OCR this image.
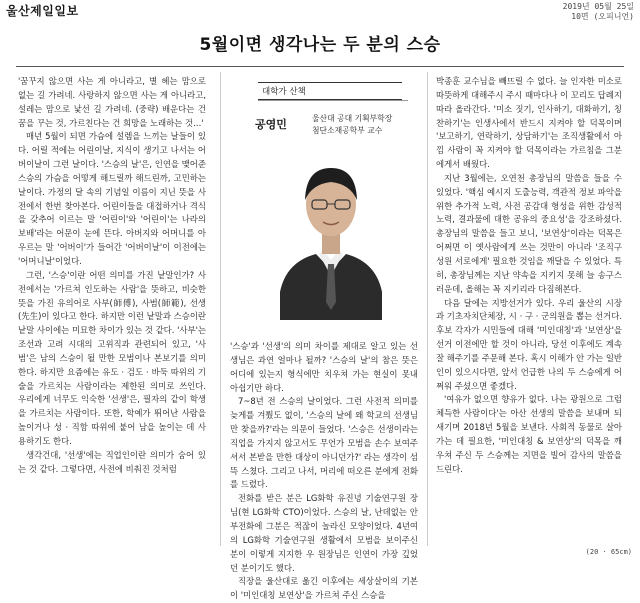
울산제일일보	2019년 05월 25일
10면 (오피니언)
5월이면 생각나는 두 분의 스승

'꿈꾸지 않으면 사는 게 아니라고, 별 헤는 맘으로 없는 길 가려네. 사랑하지 않으면 사는 게 아니라고, 설레는 맘으로 낯선 길 가려네. (중략) 배운다는 건 꿈을 꾸는 것, 가르친다는 건 희망을 노래하는 것…'

매년 5월이 되면 가슴에 설렘을 느끼는 날들이 있다. 어릴 적에는 어린이날, 지식이 생기고 나서는 어버이날이 그런 날이다. '스승의 날'은, 인연을 맺어준 스승의 가슴을 어떻게 해드릴까 해드린까, 고민하는 날이다. 가정의 달 속의 기념일 이름이 지닌 뜻을 사전에서 한번 찾아본다. 어린이들을 대접하거나 격식을 갖추어 이르는 말 '어린이'와 '어린이'는 나라의 보배'라는 어문이 눈에 뜬다. 아버지와 어머니를 아우르는 말 '어버이'가 들어간 '어버이날'이 이전에는 '어머니날'이었다.

그런, '스승'이란 어떤 의미를 가진 낱말인가? 사전에서는 '가르쳐 인도하는 사람'을 뜻하고, 비슷한 뜻을 가진 유의어로 사부(師傅), 사범(師範), 선생(先生)이 있다고 한다. 하지만 이런 낱말과 스승이란 낱말 사이에는 미묘한 차이가 있는 것 같다. '사부'는 조선과 고려 시대의 고위직과 관련되어 있고, '사범'은 남의 스승이 될 만한 모범이나 본보기를 의미한다. 하지만 요즘에는 유도 · 검도 · 바둑 따위의 기술을 가르치는 사람이라는 제한된 의미로 쓰인다. 우리에게 너무도 익숙한 '선생'은, 필자의 같이 학생을 가르치는 사람이다. 또한, 학예가 뛰어난 사람을 높이거나 성 · 직함 따위에 붙어 남을 높이는 데 사용하기도 한다.

생각건대, '선생'에는 직업인이란 의미가 숨어 있는 것 같다. 그렇다면, 사전에 비춰진 것처럼

대학가 산책
공영민	울산대 공대 기획부학장
첨단소재공학부 교수

'스승'과 '선생'의 의미 차이를 제대로 알고 있는 선생님은 과연 얼마나 될까? '스승의 날'의 참은 뜻은 어디에 있는지 형식에만 치우쳐 가는 현실이 못내 아쉽기만 하다.

7~8년 전 스승의 날이었다. 그런 사전적 의미를 늦게를 겨뤘도 없이, '스승의 날에 왜 학교의 선생님만 찾을까?'라는 의문이 들었다. '스승은 선생이라는 직업을 가지지 않고서도 무언가 모범을 손수 보여주셔서 본받을 만한 대상이 아니던가?' 라는 생각이 섬뜩 스쳤다. 그리고 나서, 머리에 떠오른 분에게 전화를 드렸다.

전화를 받은 분은 LG화학 유진녕 기술연구원 장님(현 LG화학 CTO)이었다. 스승의 날, 난데없는 안부전화에 그분은 적잖이 놀라신 모양이었다. 4년여의 LG화학 기술연구원 생활에서 모범을 보이주신 분이 이렇게 지지한 우 원장님은 인연이 가장 깊었던 분이기도 했다.

직장을 울산대로 옮긴 이후에는 세상살이의 기본이 '미인대칭 보연상'을 가르쳐 주신 스승을

박종훈 교수님을 빼뜨릴 수 없다. 늘 인자한 미소로 따뜻하게 대해주시 주시 때마다나 이 꼬리도 답례지 따라 올라간다. '미소 짓기, 인사하기, 대화하기, 칭찬하기'는 인생사에서 반드시 지켜야 할 덕목이며 '보고하기, 연락하기, 상담하기'는 조직생활에서 아낌 사람이 꼭 지켜야 할 덕목이라는 가르침을 그분에게서 배웠다.

지난 3월에는, 오연천 총장님의 말씀을 들을 수 있었다. '핵심 예시지 도출능력, 객관적 정보 파악을 위한 추가적 노력, 사전 공감대 형성을 위한 감성적 노력, 결과물에 대한 공유의 중요성'을 강조하셨다. 총장님의 말씀을 들고 보니, '보연상'이라는 덕목은 어쩌면 이 옛사람에게 쓰는 것만이 아니라 '조직구성원 서로에게' 필요한 것임을 깨달을 수 있었다. 특히, 총장님께는 지난 약속을 지키지 못해 늘 송구스러운데, 올해는 꼭 지키리라 다짐해본다.

다음 달에는 지방선거가 있다. 우리 울산의 시장과 기초자치단체장, 시 · 구 · 군의원을 뽑는 선거다. 후보 각자가 시민들에 대해 '미인대칭'과 '보연상'을 선거 이전에만 할 것이 아니라, 당선 이후에도 계속 잘 해주기를 주문해 본다. 혹시 이해가 안 가는 일반인이 있으시다면, 앞서 언급한 나의 두 스승에게 어쩌워 주셨으면 좋겠다.

'여유가 없으면 향유가 없다. 나는 광원으로 그럼 체득한 사람이다'는 아산 선생의 말씀을 보내며 되새기며 2018년 5월을 보낸다. 사회적 동물로 살아가는 데 필요한, '미인대칭 & 보연상'의 덕목을 깨우쳐 주신 두 스승께는 지면을 빌어 감사의 말씀을 드린다.

(20 · 65cm)
